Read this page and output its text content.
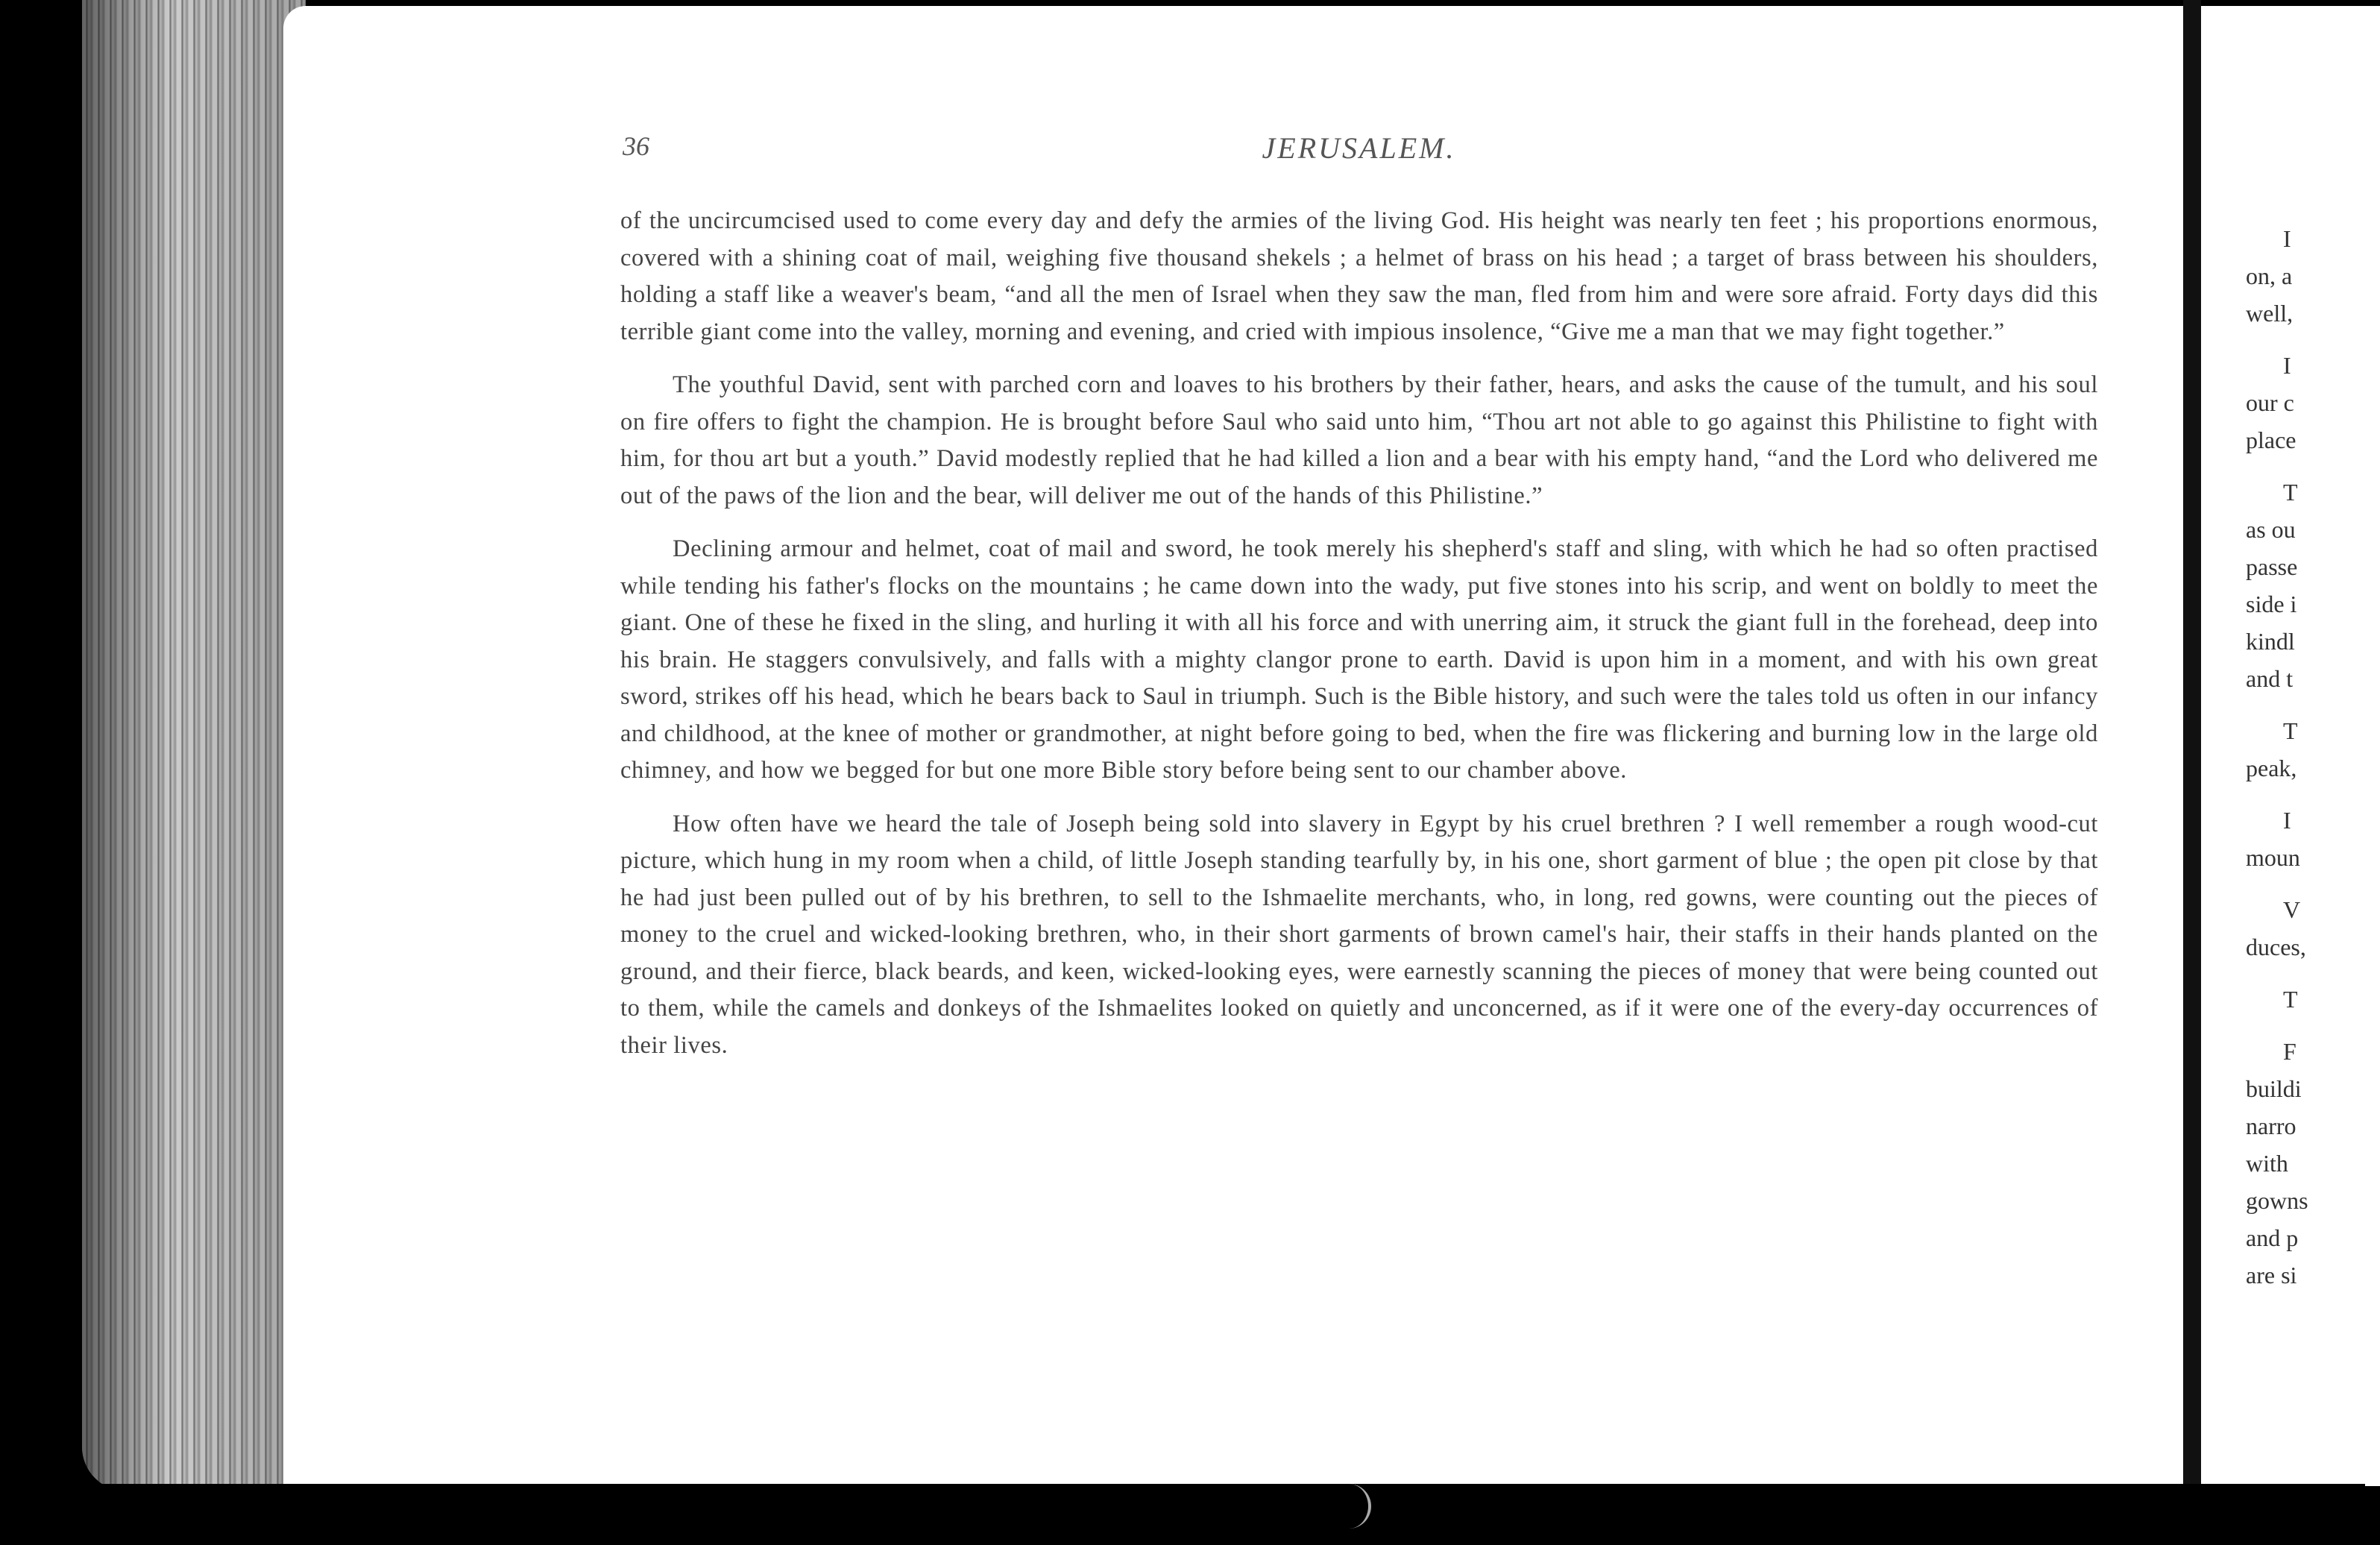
36	JERUSALEM.

of the uncircumcised used to come every day and defy the armies of the living God. His height was nearly ten feet ; his proportions enormous, covered with a shining coat of mail, weighing five thousand shekels ; a helmet of brass on his head ; a target of brass between his shoulders, holding a staff like a weaver's beam, “and all the men of Israel when they saw the man, fled from him and were sore afraid. Forty days did this terrible giant come into the valley, morning and evening, and cried with impious insolence, “Give me a man that we may fight together.”

The youthful David, sent with parched corn and loaves to his brothers by their father, hears, and asks the cause of the tumult, and his soul on fire offers to fight the champion. He is brought before Saul who said unto him, “Thou art not able to go against this Philistine to fight with him, for thou art but a youth.” David modestly replied that he had killed a lion and a bear with his empty hand, “and the Lord who delivered me out of the paws of the lion and the bear, will deliver me out of the hands of this Philistine.”

Declining armour and helmet, coat of mail and sword, he took merely his shepherd's staff and sling, with which he had so often practised while tending his father's flocks on the mountains ; he came down into the wady, put five stones into his scrip, and went on boldly to meet the giant. One of these he fixed in the sling, and hurling it with all his force and with unerring aim, it struck the giant full in the forehead, deep into his brain. He staggers convulsively, and falls with a mighty clangor prone to earth. David is upon him in a moment, and with his own great sword, strikes off his head, which he bears back to Saul in triumph. Such is the Bible history, and such were the tales told us often in our infancy and childhood, at the knee of mother or grandmother, at night before going to bed, when the fire was flickering and burning low in the large old chimney, and how we begged for but one more Bible story before being sent to our chamber above.

How often have we heard the tale of Joseph being sold into slavery in Egypt by his cruel brethren ? I well remember a rough wood-cut picture, which hung in my room when a child, of little Joseph standing tearfully by, in his one, short garment of blue ; the open pit close by that he had just been pulled out of by his brethren, to sell to the Ishmaelite merchants, who, in long, red gowns, were counting out the pieces of money to the cruel and wicked-looking brethren, who, in their short garments of brown camel's hair, their staffs in their hands planted on the ground, and their fierce, black beards, and keen, wicked-looking eyes, were earnestly scanning the pieces of money that were being counted out to them, while the camels and donkeys of the Ishmaelites looked on quietly and unconcerned, as if it were one of the every-day occurrences of their lives.

I
on, a
well,
I
our c
place
T
as ou
passe
side i
kindl
and t
T
peak,
I
moun
V
duces,
T
F
buildi
narro
with
gowns
and p
are si
